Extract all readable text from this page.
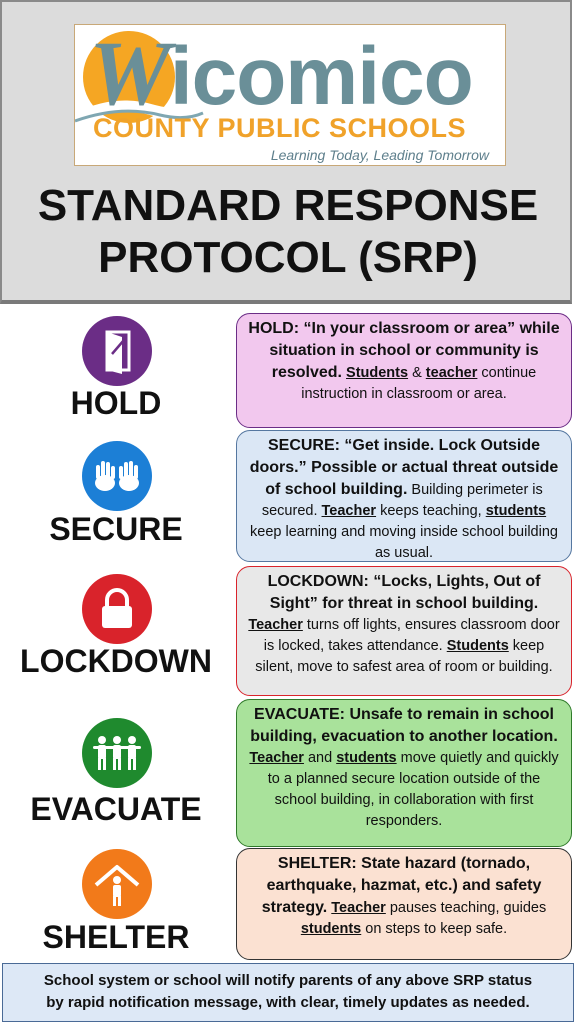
Wicomico
COUNTY PUBLIC SCHOOLS
Learning Today, Leading Tomorrow
STANDARD RESPONSE
PROTOCOL (SRP)
HOLD
HOLD: “In your classroom or area” while situation in school or community is resolved. Students & teacher continue instruction in classroom or area.
SECURE
SECURE: “Get inside. Lock Outside doors.” Possible or actual threat outside of school building. Building perimeter is secured. Teacher keeps teaching, students keep learning and moving inside school building as usual.
LOCKDOWN
LOCKDOWN: “Locks, Lights, Out of Sight” for threat in school building. Teacher turns off lights, ensures classroom door is locked, takes attendance. Students keep silent, move to safest area of room or building.
EVACUATE
EVACUATE: Unsafe to remain in school building, evacuation to another location. Teacher and students move quietly and quickly to a planned secure location outside of the school building, in collaboration with first responders.
SHELTER
SHELTER: State hazard (tornado, earthquake, hazmat, etc.) and safety strategy. Teacher pauses teaching, guides students on steps to keep safe.
School system or school will notify parents of any above SRP status
by rapid notification message, with clear, timely updates as needed.
